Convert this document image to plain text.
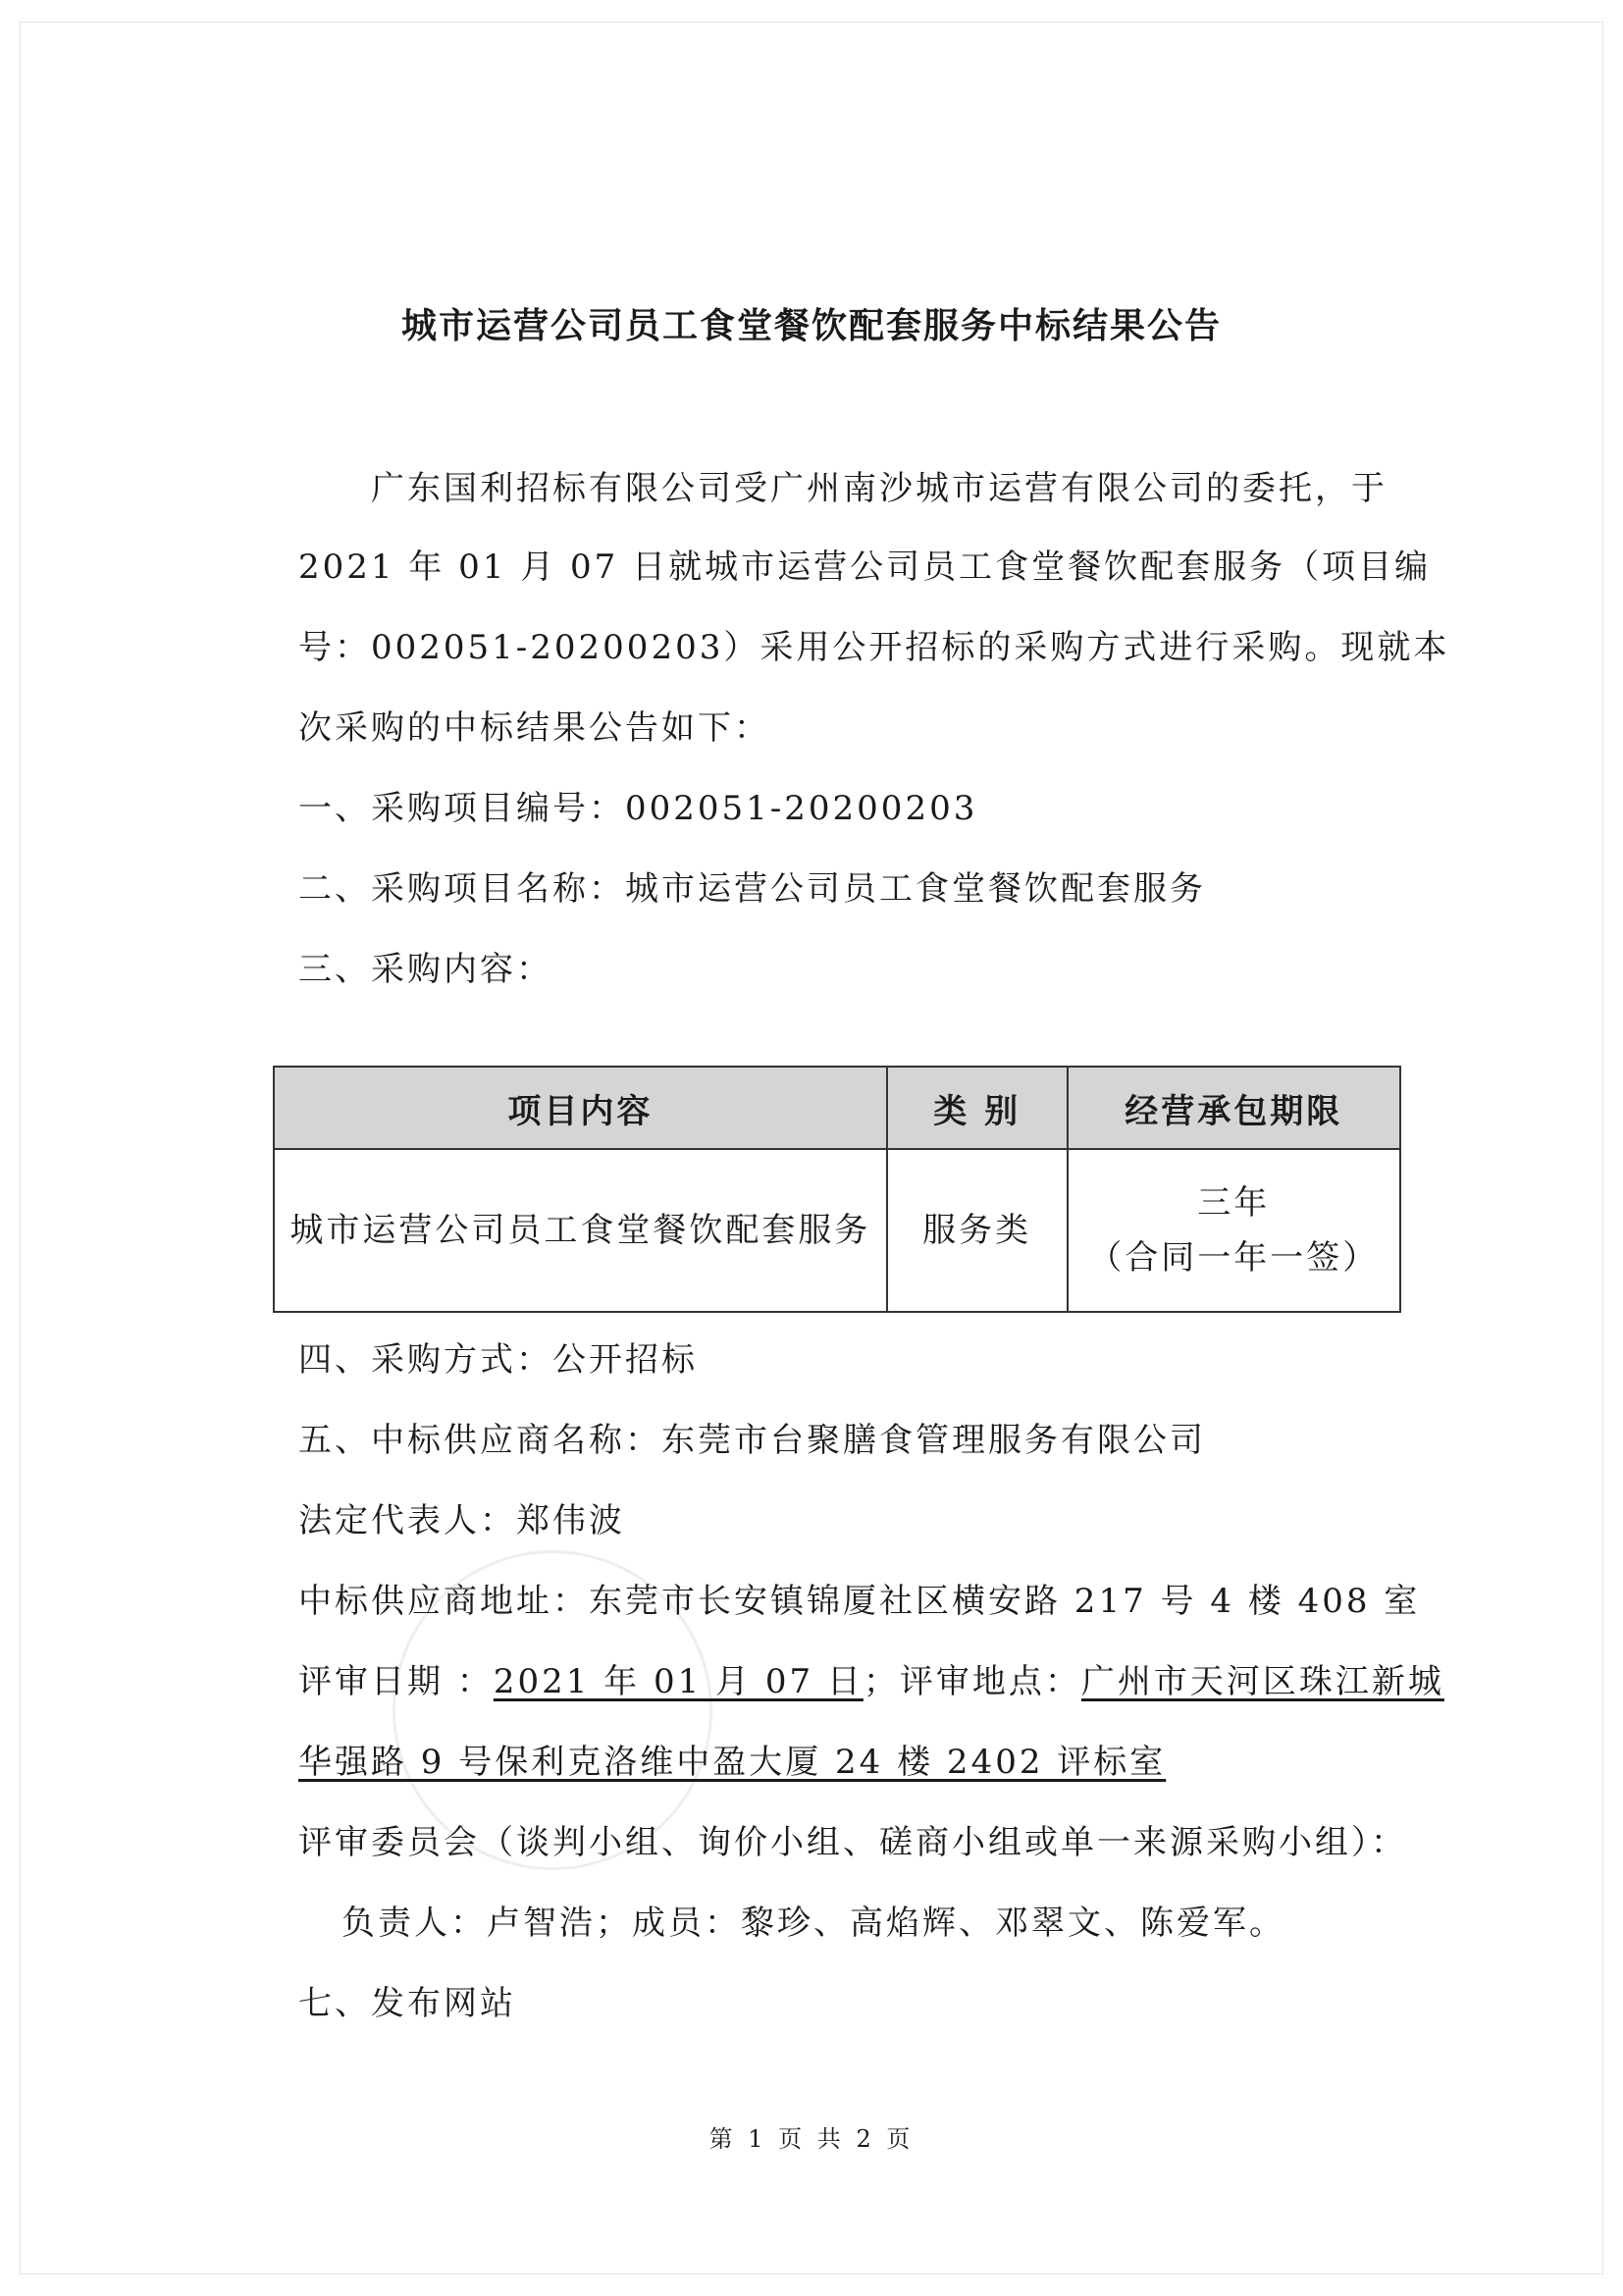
城市运营公司员工食堂餐饮配套服务中标结果公告
广东国利招标有限公司受广州南沙城市运营有限公司的委托，于
2021 年 01 月 07 日就城市运营公司员工食堂餐饮配套服务（项目编
号：002051-20200203）采用公开招标的采购方式进行采购。现就本
次采购的中标结果公告如下：
一、采购项目编号：002051-20200203
二、采购项目名称：城市运营公司员工食堂餐饮配套服务
三、采购内容：
项目内容	类 别	经营承包期限
城市运营公司员工食堂餐饮配套服务	服务类	三年
（合同一年一签）
四、采购方式：公开招标
五、中标供应商名称：东莞市台聚膳食管理服务有限公司
法定代表人：郑伟波
中标供应商地址：东莞市长安镇锦厦社区横安路 217 号 4 楼 408 室
评审日期 ：2021 年 01 月 07 日；评审地点：广州市天河区珠江新城
华强路 9 号保利克洛维中盈大厦 24 楼 2402 评标室
评审委员会（谈判小组、询价小组、磋商小组或单一来源采购小组）：
负责人：卢智浩；成员：黎珍、高焰辉、邓翠文、陈爱军。
七、发布网站
第 1 页 共 2 页
